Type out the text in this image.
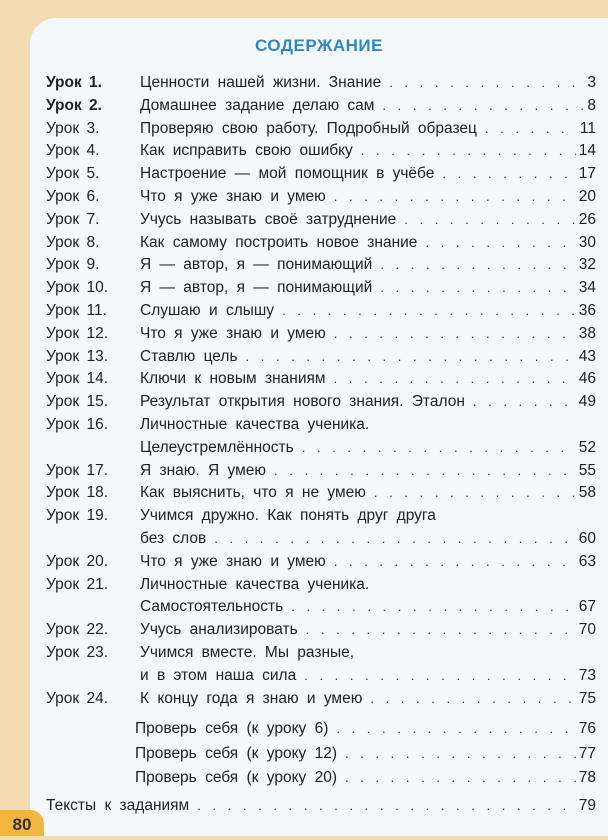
СОДЕРЖАНИЕ
Урок 1. Ценности нашей жизни. Знание . . .	3
Урок 2. Домашнее задание делаю сам . . .	8
Урок 3.	Проверяю свою работу. Подробный образец . . .	11
Урок 4.	Как исправить свою ошибку . . .	14
Урок 5.	Настроение — мой помощник в учёбе . . .	17
Урок 6.	Что я уже знаю и умею . . .	20
Урок 7.	Учусь называть своё затруднение . . .	26
Урок 8.	Как самому построить новое знание . . .	30
Урок 9.	Я — автор, я — понимающий . . .	32
Урок 10. Я — автор, я — понимающий . . .	34
Урок 11. Слушаю и слышу . . .	36
Урок 12. Что я уже знаю и умею . . .	38
Урок 13. Ставлю цель . . .	43
Урок 14. Ключи к новым знаниям . . .	46
Урок 15. Результат открытия нового знания. Эталон . . .	49
Урок 16. Личностные качества ученика.
Целеустремлённость . . .	52
Урок 17. Я знаю. Я умею . . .	55
Урок 18. Как выяснить, что я не умею . . .	58
Урок 19. Учимся дружно. Как понять друг друга
без слов . . .	60
Урок 20. Что я уже знаю и умею . . .	63
Урок 21. Личностные качества ученика.
Самостоятельность . . .	67
Урок 22. Учусь анализировать . . .	70
Урок 23. Учимся вместе. Мы разные,
и в этом наша сила . . .	73
Урок 24. К концу года я знаю и умею . . .	75
Проверь себя (к уроку 6) . . .	76
Проверь себя (к уроку 12) . . .	77
Проверь себя (к уроку 20) . . .	78
Тексты к заданиям . . .	79
80
